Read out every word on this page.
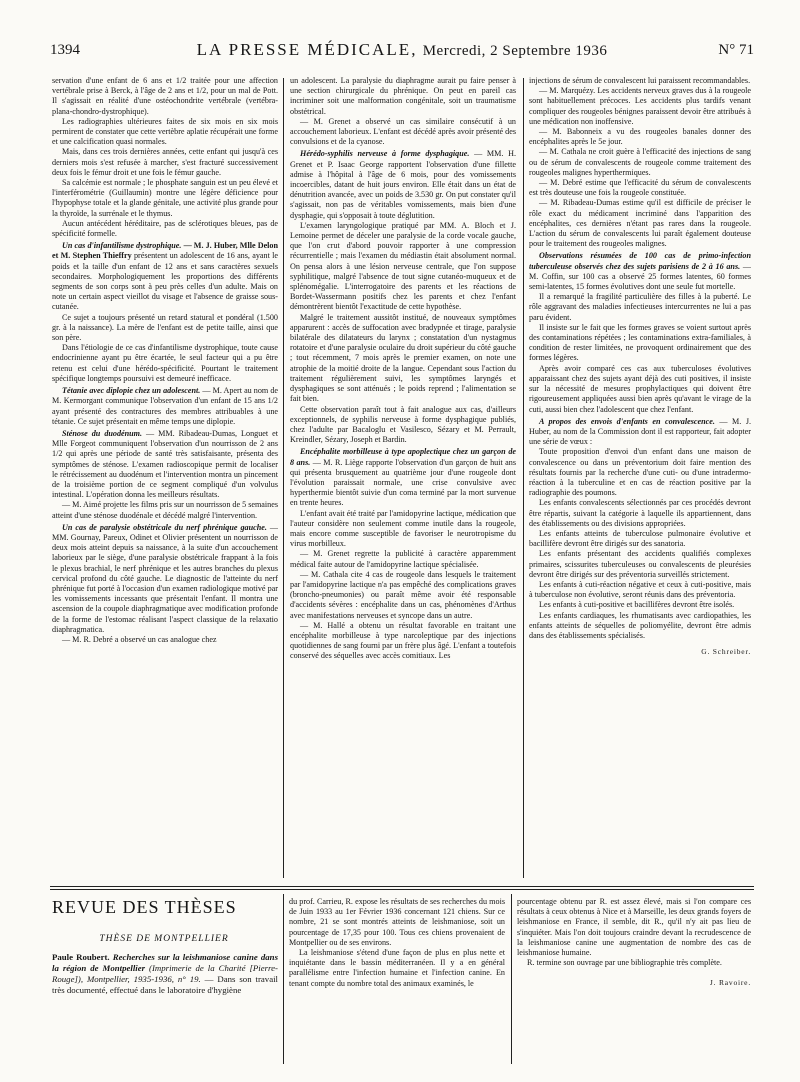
1394	LA PRESSE MÉDICALE, Mercredi, 2 Septembre 1936	N° 71

servation d'une enfant de 6 ans et 1/2 traitée pour une affection vertébrale prise à Berck, à l'âge de 2 ans et 1/2, pour un mal de Pott. Il s'agissait en réalité d'une ostéochondrite vertébrale (vertébra-plana-chondro-dystrophique).

Les radiographies ultérieures faites de six mois en six mois permirent de constater que cette vertèbre aplatie récupérait une forme et une calcification quasi normales.

Mais, dans ces trois dernières années, cette enfant qui jusqu'à ces derniers mois s'est refusée à marcher, s'est fracturé successivement deux fois le fémur droit et une fois le fémur gauche.

Sa calcémie est normale ; le phosphate sanguin est un peu élevé et l'interférométrie (Guillaumin) montre une légère déficience pour l'hypophyse totale et la glande génitale, une activité plus grande pour la thyroïde, la surrénale et le thymus.

Aucun antécédent héréditaire, pas de sclérotiques bleues, pas de spécificité formelle.

Un cas d'infantilisme dystrophique. — M. J. Huber, Mlle Delon et M. Stephen Thieffry présentent un adolescent de 16 ans, ayant le poids et la taille d'un enfant de 12 ans et sans caractères sexuels secondaires. Morphologiquement les proportions des différents segments de son corps sont à peu près celles d'un adulte. Mais on note un certain aspect vieillot du visage et l'absence de graisse sous-cutanée.

Ce sujet a toujours présenté un retard statural et pondéral (1.500 gr. à la naissance). La mère de l'enfant est de petite taille, ainsi que son père.

Dans l'étiologie de ce cas d'infantilisme dystrophique, toute cause endocrinienne ayant pu être écartée, le seul facteur qui a pu être retenu est celui d'une hérédo-spécificité. Pourtant le traitement spécifique longtemps poursuivi est demeuré inefficace.

Tétanie avec diplopie chez un adolescent. — M. Apert au nom de M. Kermorgant communique l'observation d'un enfant de 15 ans 1/2 ayant présenté des contractures des membres attribuables à une tétanie. Ce sujet présentait en même temps une diplopie.

Sténose du duodénum. — MM. Ribadeau-Dumas, Longuet et Mlle Forgeot communiquent l'observation d'un nourrisson de 2 ans 1/2 qui après une période de santé très satisfaisante, présenta des symptômes de sténose. L'examen radioscopique permit de localiser le rétrécissement au duodénum et l'intervention montra un pincement de la troisième portion de ce segment compliqué d'un volvulus intestinal. L'opération donna les meilleurs résultats.

— M. Aimé projette les films pris sur un nourrisson de 5 semaines atteint d'une sténose duodénale et décédé malgré l'intervention.

Un cas de paralysie obstétricale du nerf phrénique gauche. — MM. Gournay, Pareux, Odinet et Olivier présentent un nourrisson de deux mois atteint depuis sa naissance, à la suite d'un accouchement laborieux par le siège, d'une paralysie obstétricale frappant à la fois le plexus brachial, le nerf phrénique et les autres branches du plexus cervical profond du côté gauche. Le diagnostic de l'atteinte du nerf phrénique fut porté à l'occasion d'un examen radiologique motivé par les vomissements incessants que présentait l'enfant. Il montra une ascension de la coupole diaphragmatique avec modification profonde de la forme de l'estomac réalisant l'aspect classique de la relaxatio diaphragmatica.

— M. R. Debré a observé un cas analogue chez

un adolescent. La paralysie du diaphragme aurait pu faire penser à une section chirurgicale du phrénique. On peut en pareil cas incriminer soit une malformation congénitale, soit un traumatisme obstétrical.

— M. Grenet a observé un cas similaire consécutif à un accouchement laborieux. L'enfant est décédé après avoir présenté des convulsions et de la cyanose.

Hérédo-syphilis nerveuse à forme dysphagique. — MM. H. Grenet et P. Isaac George rapportent l'observation d'une fillette admise à l'hôpital à l'âge de 6 mois, pour des vomissements incoercibles, datant de huit jours environ. Elle était dans un état de dénutrition avancée, avec un poids de 3.530 gr. On put constater qu'il s'agissait, non pas de véritables vomissements, mais bien d'une dysphagie, qui s'opposait à toute déglutition.

L'examen laryngologique pratiqué par MM. A. Bloch et J. Lemoine permet de déceler une paralysie de la corde vocale gauche, que l'on crut d'abord pouvoir rapporter à une compression récurrentielle ; mais l'examen du médiastin était absolument normal. On pensa alors à une lésion nerveuse centrale, que l'on suppose syphilitique, malgré l'absence de tout signe cutanéo-muqueux et de splénomégalie. L'interrogatoire des parents et les réactions de Bordet-Wassermann positifs chez les parents et chez l'enfant démontrèrent bientôt l'exactitude de cette hypothèse.

Malgré le traitement aussitôt institué, de nouveaux symptômes apparurent : accès de suffocation avec bradypnée et tirage, paralysie bilatérale des dilatateurs du larynx ; constatation d'un nystagmus rotatoire et d'une paralysie oculaire du droit supérieur du côté gauche ; tout récemment, 7 mois après le premier examen, on note une atrophie de la moitié droite de la langue. Cependant sous l'action du traitement régulièrement suivi, les symptômes laryngés et dysphagiques se sont atténués ; le poids reprend ; l'alimentation se fait bien.

Cette observation paraît tout à fait analogue aux cas, d'ailleurs exceptionnels, de syphilis nerveuse à forme dysphagique publiés, chez l'adulte par Bacaloglu et Vasilesco, Sézary et M. Perrault, Kreindler, Sézary, Joseph et Bardin.

Encéphalite morbilleuse à type apoplectique chez un garçon de 8 ans. — M. R. Liège rapporte l'observation d'un garçon de huit ans qui présenta brusquement au quatrième jour d'une rougeole dont l'évolution paraissait normale, une crise convulsive avec hyperthermie bientôt suivie d'un coma terminé par la mort survenue en trente heures.

L'enfant avait été traité par l'amidopyrine lactique, médication que l'auteur considère non seulement comme inutile dans la rougeole, mais encore comme susceptible de favoriser le neurotropisme du virus morbilleux.

— M. Grenet regrette la publicité à caractère apparemment médical faite autour de l'amidopyrine lactique spécialisée.

— M. Cathala cite 4 cas de rougeole dans lesquels le traitement par l'amidopyrine lactique n'a pas empêché des complications graves (broncho-pneumonies) ou paraît même avoir été responsable d'accidents sévères : encéphalite dans un cas, phénomènes d'Arthus avec manifestations nerveuses et syncope dans un autre.

— M. Hallé a obtenu un résultat favorable en traitant une encéphalite morbilleuse à type narcoleptique par des injections quotidiennes de sang fourni par un frère plus âgé. L'enfant a toutefois conservé des séquelles avec accès comitiaux. Les

injections de sérum de convalescent lui paraissent recommandables.

— M. Marquézy. Les accidents nerveux graves dus à la rougeole sont habituellement précoces. Les accidents plus tardifs venant compliquer des rougeoles bénignes paraissent devoir être attribués à une médication non inoffensive.

— M. Babonneix a vu des rougeoles banales donner des encéphalites après le 5e jour.

— M. Cathala ne croit guère à l'efficacité des injections de sang ou de sérum de convalescents de rougeole comme traitement des rougeoles malignes hyperthermiques.

— M. Debré estime que l'efficacité du sérum de convalescents est très douteuse une fois la rougeole constituée.

— M. Ribadeau-Dumas estime qu'il est difficile de préciser le rôle exact du médicament incriminé dans l'apparition des encéphalites, ces dernières n'étant pas rares dans la rougeole. L'action du sérum de convalescents lui paraît également douteuse pour le traitement des rougeoles malignes.

Observations résumées de 100 cas de primo-infection tuberculeuse observés chez des sujets parisiens de 2 à 16 ans. — M. Coffin, sur 100 cas a observé 25 formes latentes, 60 formes semi-latentes, 15 formes évolutives dont une seule fut mortelle.

Il a remarqué la fragilité particulière des filles à la puberté. Le rôle aggravant des maladies infectieuses intercurrentes ne lui a pas paru évident.

Il insiste sur le fait que les formes graves se voient surtout après des contaminations répétées ; les contaminations extra-familiales, à condition de rester limitées, ne provoquent ordinairement que des formes légères.

Après avoir comparé ces cas aux tuberculoses évolutives apparaissant chez des sujets ayant déjà des cuti positives, il insiste sur la nécessité de mesures prophylactiques qui doivent être rigoureusement appliquées aussi bien après qu'avant le virage de la cuti, aussi bien chez l'adolescent que chez l'enfant.

A propos des envois d'enfants en convalescence. — M. J. Huber, au nom de la Commission dont il est rapporteur, fait adopter une série de vœux :

Toute proposition d'envoi d'un enfant dans une maison de convalescence ou dans un préventorium doit faire mention des résultats fournis par la recherche d'une cuti- ou d'une intradermo-réaction à la tuberculine et en cas de réaction positive par la radiographie des poumons.

Les enfants convalescents sélectionnés par ces procédés devront être répartis, suivant la catégorie à laquelle ils appartiennent, dans des établissements ou des divisions appropriées.

Les enfants atteints de tuberculose pulmonaire évolutive et bacillifère devront être dirigés sur des sanatoria.

Les enfants présentant des accidents qualifiés complexes primaires, scissurites tuberculeuses ou convalescents de pleurésies devront être dirigés sur des préventoria surveillés strictement.

Les enfants à cuti-réaction négative et ceux à cuti-positive, mais à tuberculose non évolutive, seront réunis dans des préventoria.

Les enfants à cuti-positive et bacillifères devront être isolés.

Les enfants cardiaques, les rhumatisants avec cardiopathies, les enfants atteints de séquelles de poliomyélite, devront être admis dans des établissements spécialisés.

G. Schreiber.
REVUE DES THÈSES
THÈSE DE MONTPELLIER

Paule Roubert. Recherches sur la leishmaniose canine dans la région de Montpellier (Imprimerie de la Charité [Pierre-Rouge]), Montpellier, 1935-1936, n° 19. — Dans son travail très documenté, effectué dans le laboratoire d'hygiène

du prof. Carrieu, R. expose les résultats de ses recherches du mois de Juin 1933 au 1er Février 1936 concernant 121 chiens. Sur ce nombre, 21 se sont montrés atteints de leishmaniose, soit un pourcentage de 17,35 pour 100. Tous ces chiens provenaient de Montpellier ou de ses environs.

La leishmaniose s'étend d'une façon de plus en plus nette et inquiétante dans le bassin méditerranéen. Il y a en général parallélisme entre l'infection humaine et l'infection canine. En tenant compte du nombre total des animaux examinés, le

pourcentage obtenu par R. est assez élevé, mais si l'on compare ces résultats à ceux obtenus à Nice et à Marseille, les deux grands foyers de leishmaniose en France, il semble, dit R., qu'il n'y ait pas lieu de s'inquiéter. Mais l'on doit toujours craindre devant la recrudescence de la leishmaniose canine une augmentation de nombre des cas de leishmaniose humaine.

R. termine son ouvrage par une bibliographie très complète.

J. Ravoire.
